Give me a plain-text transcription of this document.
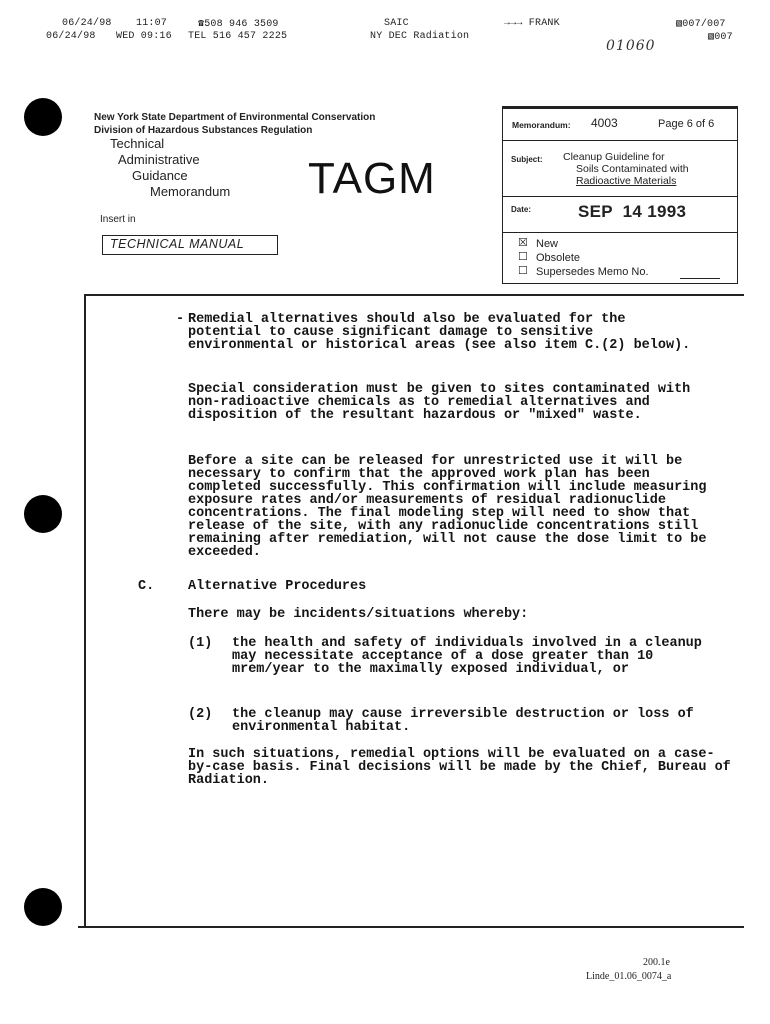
06/24/98 11:07	☎508 946 3509	SAIC	→→→ FRANK	▧007/007
06/24/98 WED 09:16 TEL 516 457 2225	NY DEC Radiation	▧007
01060
New York State Department of Environmental Conservation
Division of Hazardous Substances Regulation
Technical
Administrative
Guidance
Memorandum TAGM
Insert in
TECHNICAL MANUAL
Memorandum: 4003	Page 6 of 6
Subject: Cleanup Guideline for
Soils Contaminated with
Radioactive Materials
Date:	SEP  14 1993
☒ New
☐ Obsolete
☐ Supersedes Memo No.
- Remedial alternatives should also be evaluated for the potential to cause significant damage to sensitive environmental or historical areas (see also item C.(2) below).
Special consideration must be given to sites contaminated with non-radioactive chemicals as to remedial alternatives and disposition of the resultant hazardous or "mixed" waste.
Before a site can be released for unrestricted use it will be necessary to confirm that the approved work plan has been completed successfully. This confirmation will include measuring exposure rates and/or measurements of residual radionuclide concentrations. The final modeling step will need to show that release of the site, with any radionuclide concentrations still remaining after remediation, will not cause the dose limit to be exceeded.
C.	Alternative Procedures
There may be incidents/situations whereby:
(1) the health and safety of individuals involved in a cleanup may necessitate acceptance of a dose greater than 10 mrem/year to the maximally exposed individual, or
(2) the cleanup may cause irreversible destruction or loss of environmental habitat.
In such situations, remedial options will be evaluated on a case-by-case basis. Final decisions will be made by the Chief, Bureau of Radiation.
200.1e
Linde_01.06_0074_a
